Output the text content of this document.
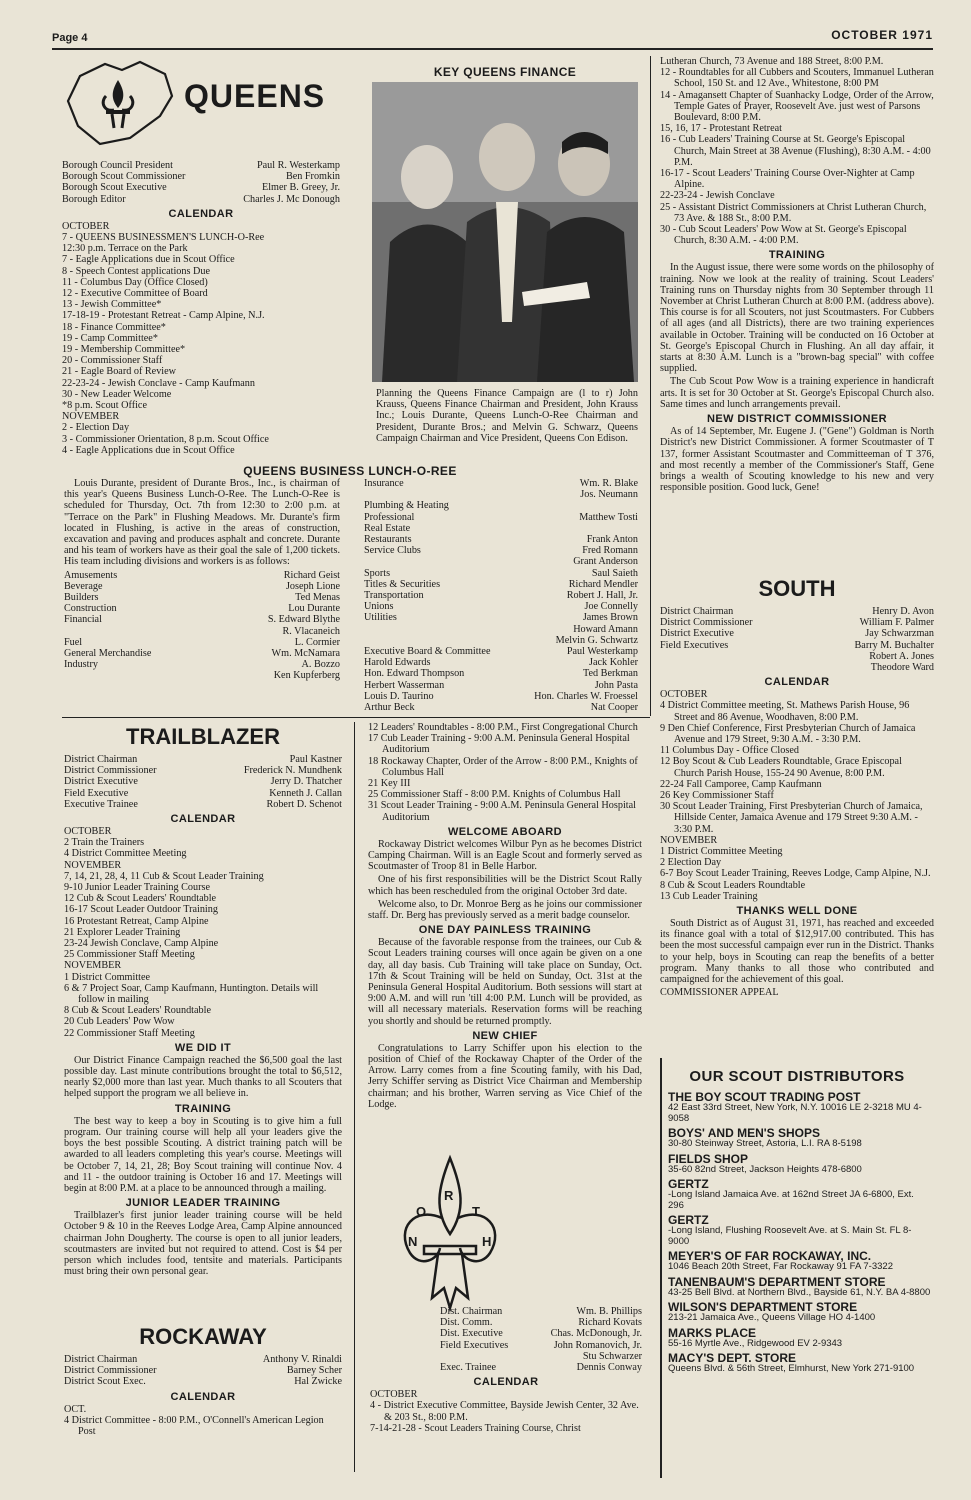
Page 4	OCTOBER 1971
QUEENS
Borough Council President	Paul R. Westerkamp
Borough Scout Commissioner	Ben Fromkin
Borough Scout Executive	Elmer B. Greey, Jr.
Borough Editor	Charles J. Mc Donough
CALENDAR
OCTOBER
7 - QUEENS BUSINESSMEN'S LUNCH-O-Ree
12:30 p.m. Terrace on the Park
7 - Eagle Applications due in Scout Office
8 - Speech Contest applications Due
11 - Columbus Day (Office Closed)
12 - Executive Committee of Board
13 - Jewish Committee*
17-18-19 - Protestant Retreat - Camp Alpine, N.J.
18 - Finance Committee*
19 - Camp Committee*
19 - Membership Committee*
20 - Commissioner Staff
21 - Eagle Board of Review
22-23-24 - Jewish Conclave - Camp Kaufmann
30 - New Leader Welcome
*8 p.m. Scout Office
NOVEMBER
2 - Election Day
3 - Commissioner Orientation, 8 p.m. Scout Office
4 - Eagle Applications due in Scout Office
KEY QUEENS FINANCE

Planning the Queens Finance Campaign are (l to r) John Krauss, Queens Finance Chairman and President, John Krauss Inc.; Louis Durante, Queens Lunch-O-Ree Chairman and President, Durante Bros.; and Melvin G. Schwarz, Queens Campaign Chairman and Vice President, Queens Con Edison.

QUEENS BUSINESS LUNCH-O-REE

Louis Durante, president of Durante Bros., Inc., is chairman of this year's Queens Business Lunch-O-Ree. The Lunch-O-Ree is scheduled for Thursday, Oct. 7th from 12:30 to 2:00 p.m. at "Terrace on the Park" in Flushing Meadows. Mr. Durante's firm located in Flushing, is active in the areas of construction, excavation and paving and produces asphalt and concrete. Durante and his team of workers have as their goal the sale of 1,200 tickets. His team including divisions and workers is as follows:

Amusements	Richard Geist
Beverage	Joseph Lione
Builders	Ted Menas
Construction	Lou Durante
Financial	S. Edward Blythe
R. Vlacaneich
Fuel	L. Cormier
General Merchandise	Wm. McNamara
Industry	A. Bozzo
Ken Kupferberg
Insurance	Wm. R. Blake
Jos. Neumann
Plumbing & Heating
Professional	Matthew Tosti
Real Estate
Restaurants	Frank Anton
Service Clubs	Fred Romann
Grant Anderson
Sports	Saul Saieth
Titles & Securities	Richard Mendler
Transportation	Robert J. Hall, Jr.
Unions	Joe Connelly
Utilities	James Brown
Howard Amann
Melvin G. Schwartz
Executive Board & Committee	Paul Westerkamp
Harold Edwards	Jack Kohler
Hon. Edward Thompson	Ted Berkman
Herbert Wasserman	John Pasta
Louis D. Taurino	Hon. Charles W. Froessel
Arthur Beck	Nat Cooper
Lutheran Church, 73 Avenue and 188 Street, 8:00 P.M.
12 - Roundtables for all Cubbers and Scouters, Immanuel Lutheran School, 150 St. and 12 Ave., Whitestone, 8:00 PM
14 - Amagansett Chapter of Suanhacky Lodge, Order of the Arrow, Temple Gates of Prayer, Roosevelt Ave. just west of Parsons Boulevard, 8:00 P.M.
15, 16, 17 - Protestant Retreat
16 - Cub Leaders' Training Course at St. George's Episcopal Church, Main Street at 38 Avenue (Flushing), 8:30 A.M. - 4:00 P.M.
16-17 - Scout Leaders' Training Course Over-Nighter at Camp Alpine.
22-23-24 - Jewish Conclave
25 - Assistant District Commissioners at Christ Lutheran Church, 73 Ave. & 188 St., 8:00 P.M.
30 - Cub Scout Leaders' Pow Wow at St. George's Episcopal Church, 8:30 A.M. - 4:00 P.M.
TRAINING

In the August issue, there were some words on the philosophy of training. Now we look at the reality of training. Scout Leaders' Training runs on Thursday nights from 30 September through 11 November at Christ Lutheran Church at 8:00 P.M. (address above). This course is for all Scouters, not just Scoutmasters. For Cubbers of all ages (and all Districts), there are two training experiences available in October. Training will be conducted on 16 October at St. George's Episcopal Church in Flushing. An all day affair, it starts at 8:30 A.M. Lunch is a "brown-bag special" with coffee supplied.

The Cub Scout Pow Wow is a training experience in handicraft arts. It is set for 30 October at St. George's Episcopal Church also. Same times and lunch arrangements prevail.

NEW DISTRICT COMMISSIONER

As of 14 September, Mr. Eugene J. ("Gene") Goldman is North District's new District Commissioner. A former Scoutmaster of T 137, former Assistant Scoutmaster and Committeeman of T 376, and most recently a member of the Commissioner's Staff, Gene brings a wealth of Scouting knowledge to his new and very responsible position. Good luck, Gene!

SOUTH
District Chairman	Henry D. Avon
District Commissioner	William F. Palmer
District Executive	Jay Schwarzman
Field Executives	Barry M. Buchalter
Robert A. Jones
Theodore Ward
CALENDAR
OCTOBER
4 District Committee meeting, St. Mathews Parish House, 96 Street and 86 Avenue, Woodhaven, 8:00 P.M.
9 Den Chief Conference, First Presbyterian Church of Jamaica Avenue and 179 Street, 9:30 A.M. - 3:30 P.M.
11 Columbus Day - Office Closed
12 Boy Scout & Cub Leaders Roundtable, Grace Episcopal Church Parish House, 155-24 90 Avenue, 8:00 P.M.
22-24 Fall Camporee, Camp Kaufmann
26 Key Commissioner Staff
30 Scout Leader Training, First Presbyterian Church of Jamaica, Hillside Center, Jamaica Avenue and 179 Street 9:30 A.M. - 3:30 P.M.
NOVEMBER
1 District Committee Meeting
2 Election Day
6-7 Boy Scout Leader Training, Reeves Lodge, Camp Alpine, N.J.
8 Cub & Scout Leaders Roundtable
13 Cub Leader Training
THANKS WELL DONE

South District as of August 31, 1971, has reached and exceeded its finance goal with a total of $12,917.00 contributed. This has been the most successful campaign ever run in the District. Thanks to your help, boys in Scouting can reap the benefits of a better program. Many thanks to all those who contributed and campaigned for the achievement of this goal.

COMMISSIONER APPEAL
OUR SCOUT DISTRIBUTORS
THE BOY SCOUT TRADING POST
42 East 33rd Street, New York, N.Y. 10016 LE 2-3218 MU 4-9058
BOYS' AND MEN'S SHOPS
30-80 Steinway Street, Astoria, L.I. RA 8-5198
FIELDS SHOP
35-60 82nd Street, Jackson Heights 478-6800
GERTZ
-Long Island Jamaica Ave. at 162nd Street JA 6-6800, Ext. 296
GERTZ
-Long Island, Flushing Roosevelt Ave. at S. Main St. FL 8-9000
MEYER'S OF FAR ROCKAWAY, INC.
1046 Beach 20th Street, Far Rockaway 91 FA 7-3322
TANENBAUM'S DEPARTMENT STORE
43-25 Bell Blvd. at Northern Blvd., Bayside 61, N.Y. BA 4-8800
WILSON'S DEPARTMENT STORE
213-21 Jamaica Ave., Queens Village HO 4-1400
MARKS PLACE
55-16 Myrtle Ave., Ridgewood EV 2-9343
MACY'S DEPT. STORE
Queens Blvd. & 56th Street, Elmhurst, New York 271-9100
TRAILBLAZER
District Chairman	Paul Kastner
District Commissioner	Frederick N. Mundhenk
District Executive	Jerry D. Thatcher
Field Executive	Kenneth J. Callan
Executive Trainee	Robert D. Schenot
CALENDAR
OCTOBER
2 Train the Trainers
4 District Committee Meeting
NOVEMBER
7, 14, 21, 28, 4, 11 Cub & Scout Leader Training
9-10 Junior Leader Training Course
12 Cub & Scout Leaders' Roundtable
16-17 Scout Leader Outdoor Training
16 Protestant Retreat, Camp Alpine
21 Explorer Leader Training
23-24 Jewish Conclave, Camp Alpine
25 Commissioner Staff Meeting
NOVEMBER
1 District Committee
6 & 7 Project Soar, Camp Kaufmann, Huntington. Details will follow in mailing
8 Cub & Scout Leaders' Roundtable
20 Cub Leaders' Pow Wow
22 Commissioner Staff Meeting
WE DID IT

Our District Finance Campaign reached the $6,500 goal the last possible day. Last minute contributions brought the total to $6,512, nearly $2,000 more than last year. Much thanks to all Scouters that helped support the program we all believe in.

TRAINING

The best way to keep a boy in Scouting is to give him a full program. Our training course will help all your leaders give the boys the best possible Scouting. A district training patch will be awarded to all leaders completing this year's course. Meetings will be October 7, 14, 21, 28; Boy Scout training will continue Nov. 4 and 11 - the outdoor training is October 16 and 17. Meetings will begin at 8:00 P.M. at a place to be announced through a mailing.

JUNIOR LEADER TRAINING

Trailblazer's first junior leader training course will be held October 9 & 10 in the Reeves Lodge Area, Camp Alpine announced chairman John Dougherty. The course is open to all junior leaders, scoutmasters are invited but not required to attend. Cost is $4 per person which includes food, tentsite and materials. Participants must bring their own personal gear.

ROCKAWAY
District Chairman	Anthony V. Rinaldi
District Commissioner	Barney Scher
District Scout Exec.	Hal Zwicke
CALENDAR
OCT.
4 District Committee - 8:00 P.M., O'Connell's American Legion Post
12 Leaders' Roundtables - 8:00 P.M., First Congregational Church
17 Cub Leader Training - 9:00 A.M. Peninsula General Hospital Auditorium
18 Rockaway Chapter, Order of the Arrow - 8:00 P.M., Knights of Columbus Hall
21 Key III
25 Commissioner Staff - 8:00 P.M. Knights of Columbus Hall
31 Scout Leader Training - 9:00 A.M. Peninsula General Hospital Auditorium
WELCOME ABOARD

Rockaway District welcomes Wilbur Pyn as he becomes District Camping Chairman. Will is an Eagle Scout and formerly served as Scoutmaster of Troop 81 in Belle Harbor.

One of his first responsibilities will be the District Scout Rally which has been rescheduled from the original October 3rd date.

Welcome also, to Dr. Monroe Berg as he joins our commissioner staff. Dr. Berg has previously served as a merit badge counselor.

ONE DAY PAINLESS TRAINING

Because of the favorable response from the trainees, our Cub & Scout Leaders training courses will once again be given on a one day, all day basis. Cub Training will take place on Sunday, Oct. 17th & Scout Training will be held on Sunday, Oct. 31st at the Peninsula General Hospital Auditorium. Both sessions will start at 9:00 A.M. and will run 'till 4:00 P.M. Lunch will be provided, as will all necessary materials. Reservation forms will be reaching you shortly and should be returned promptly.

NEW CHIEF

Congratulations to Larry Schiffer upon his election to the position of Chief of the Rockaway Chapter of the Order of the Arrow. Larry comes from a fine Scouting family, with his Dad, Jerry Schiffer serving as District Vice Chairman and Membership chairman; and his brother, Warren serving as Vice Chief of the Lodge.

N
O
R
T
H
Dist. Chairman	Wm. B. Phillips
Dist. Comm.	Richard Kovats
Dist. Executive	Chas. McDonough, Jr.
Field Executives	John Romanovich, Jr.
Stu Schwarzer
Exec. Trainee	Dennis Conway
CALENDAR
OCTOBER
4 - District Executive Committee, Bayside Jewish Center, 32 Ave. & 203 St., 8:00 P.M.
7-14-21-28 - Scout Leaders Training Course, Christ
